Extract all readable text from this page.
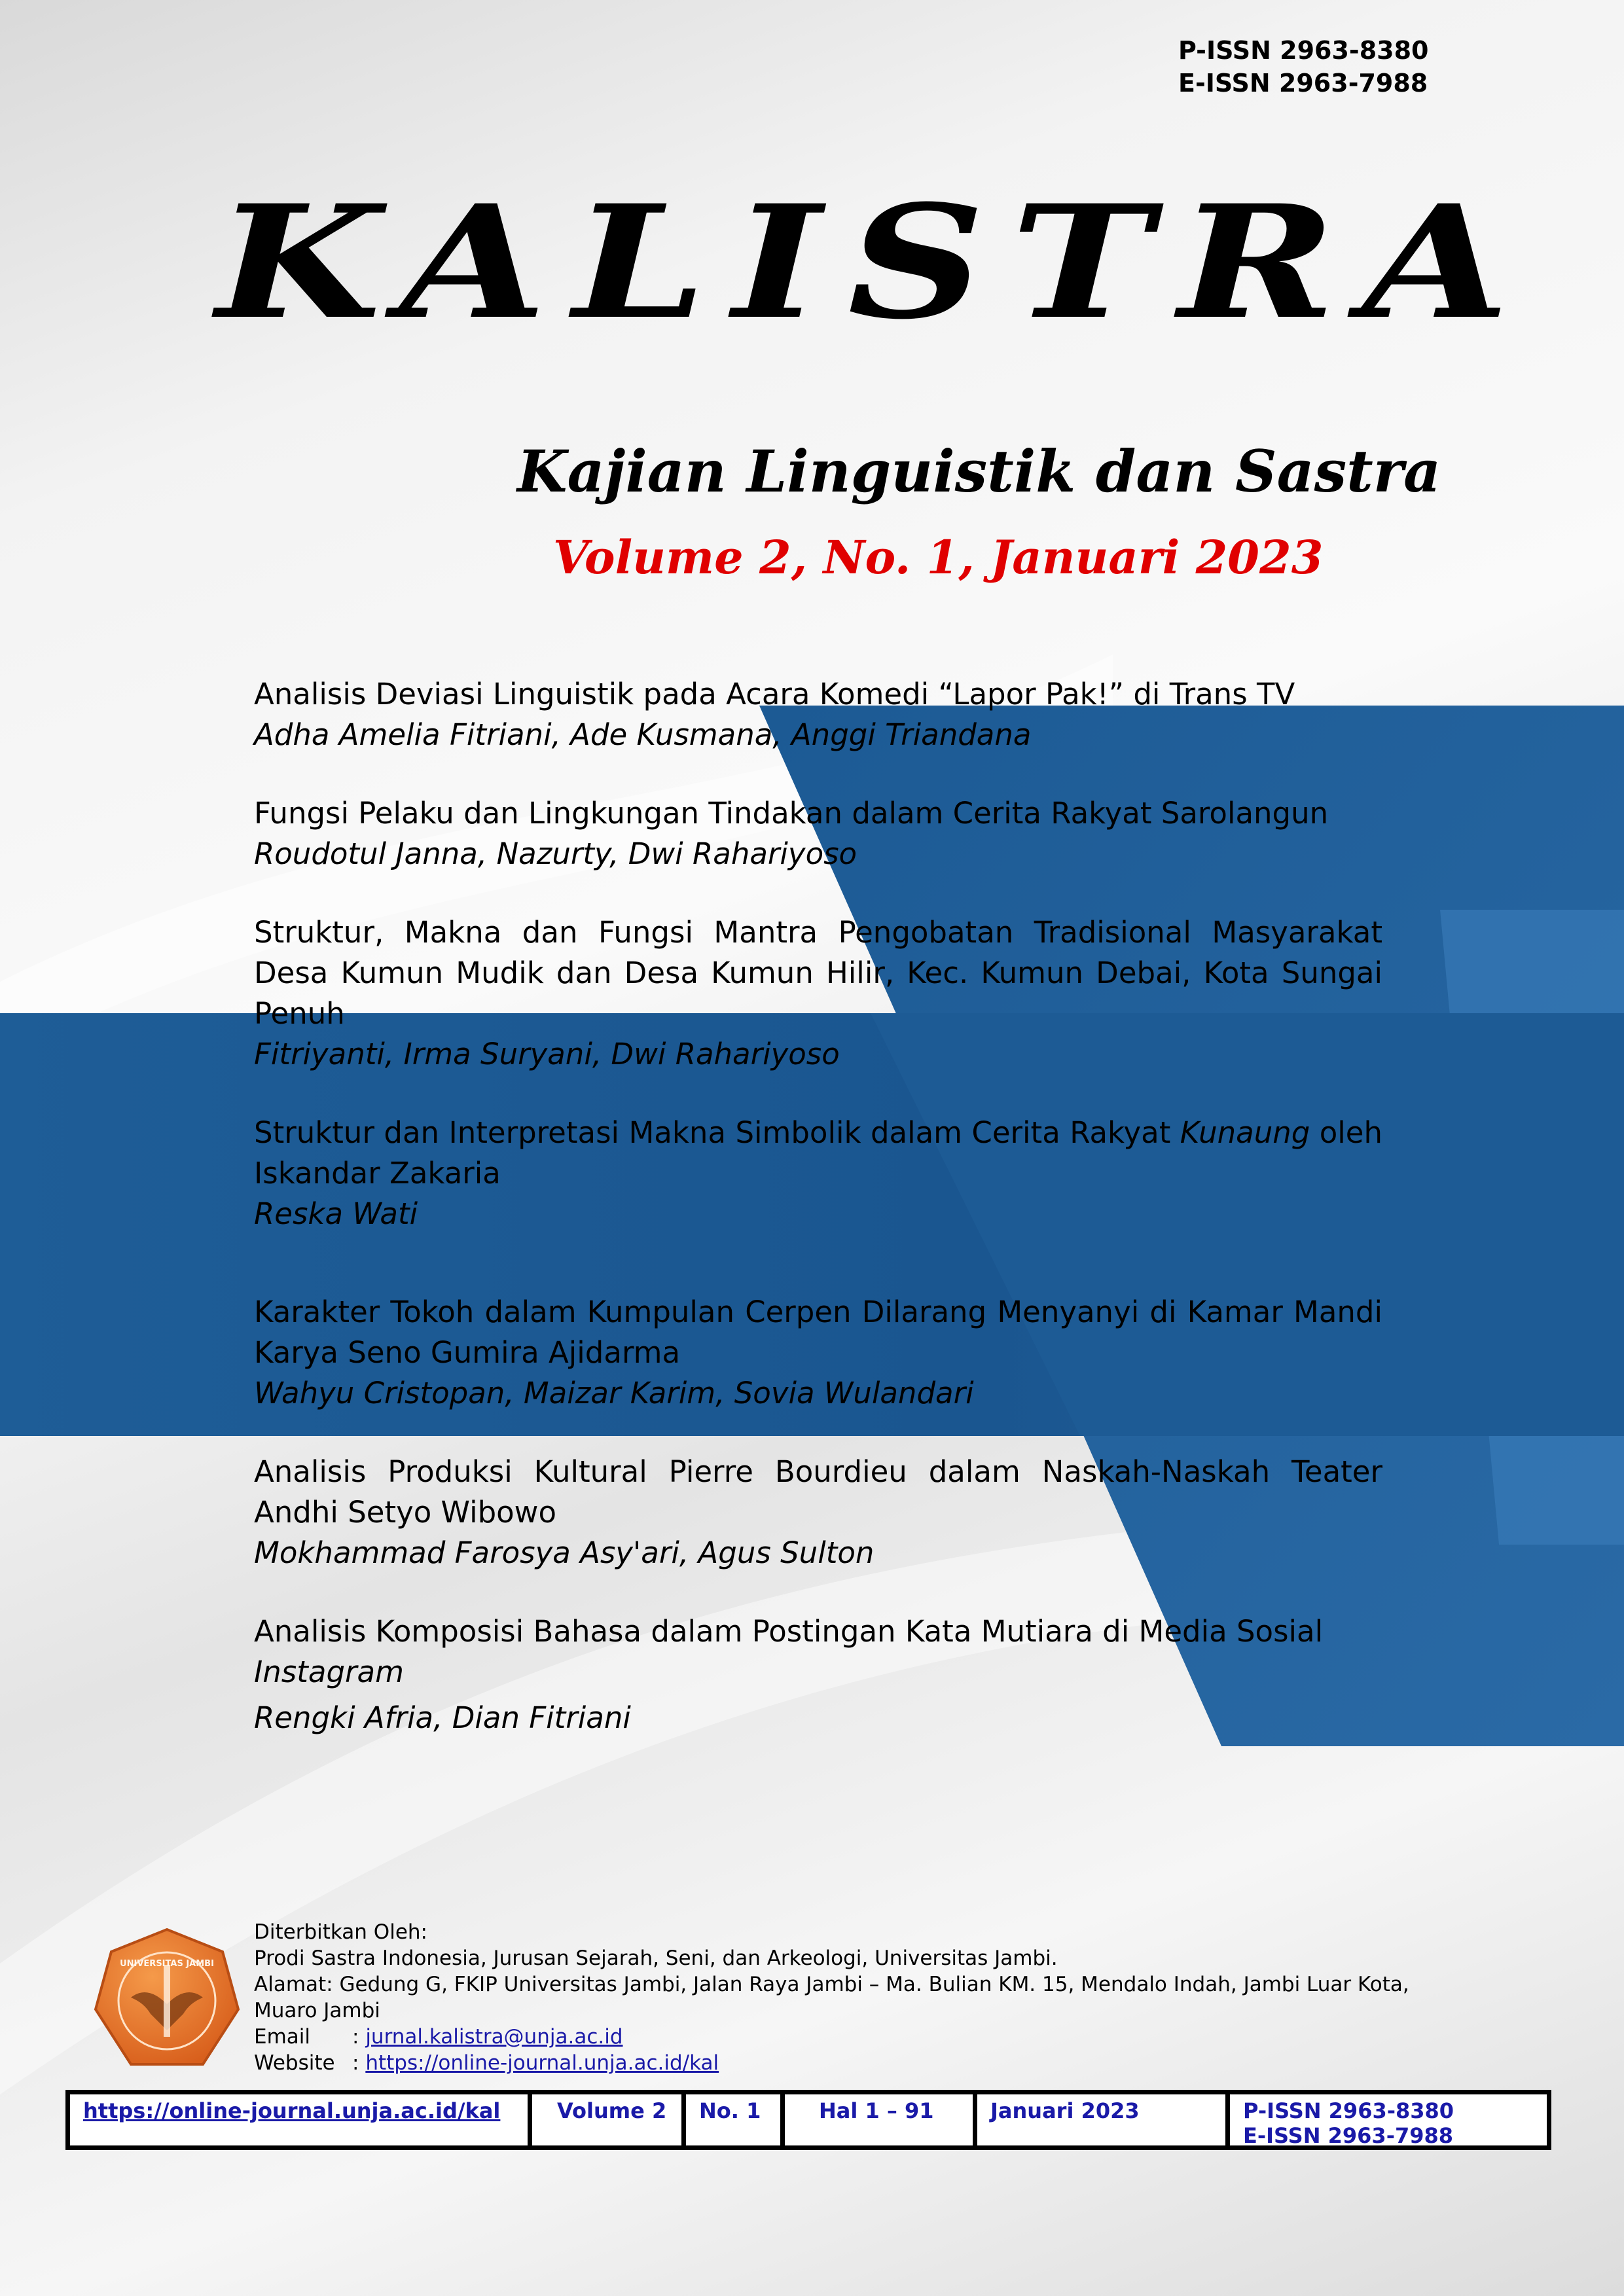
P-ISSN 2963-8380
E-ISSN 2963-7988
KALISTRA
Kajian Linguistik dan Sastra
Volume 2, No. 1, Januari 2023
Analisis Deviasi Linguistik pada Acara Komedi “Lapor Pak!” di Trans TV
Adha Amelia Fitriani, Ade Kusmana, Anggi Triandana
Fungsi Pelaku dan Lingkungan Tindakan dalam Cerita Rakyat Sarolangun
Roudotul Janna, Nazurty, Dwi Rahariyoso
Struktur, Makna dan Fungsi Mantra Pengobatan Tradisional Masyarakat Desa Kumun Mudik dan Desa Kumun Hilir, Kec. Kumun Debai, Kota Sungai Penuh
Fitriyanti, Irma Suryani, Dwi Rahariyoso
Struktur dan Interpretasi Makna Simbolik dalam Cerita Rakyat Kunaung oleh Iskandar Zakaria
Reska Wati
Karakter Tokoh dalam Kumpulan Cerpen Dilarang Menyanyi di Kamar Mandi Karya Seno Gumira Ajidarma
Wahyu Cristopan, Maizar Karim, Sovia Wulandari
Analisis Produksi Kultural Pierre Bourdieu dalam Naskah-Naskah Teater Andhi Setyo Wibowo
Mokhammad Farosya Asy'ari, Agus Sulton
Analisis Komposisi Bahasa dalam Postingan Kata Mutiara di Media Sosial
Instagram
Rengki Afria, Dian Fitriani
UNIVERSITAS JAMBI
Diterbitkan Oleh:
Prodi Sastra Indonesia, Jurusan Sejarah, Seni, dan Arkeologi, Universitas Jambi.
Alamat: Gedung G, FKIP Universitas Jambi, Jalan Raya Jambi – Ma. Bulian KM. 15, Mendalo Indah, Jambi Luar Kota, Muaro Jambi
Email : jurnal.kalistra@unja.ac.id
Website : https://online-journal.unja.ac.id/kal
https://online-journal.unja.ac.id/kal	Volume 2	No. 1	Hal 1 – 91	Januari 2023	P-ISSN 2963-8380
E-ISSN 2963-7988
